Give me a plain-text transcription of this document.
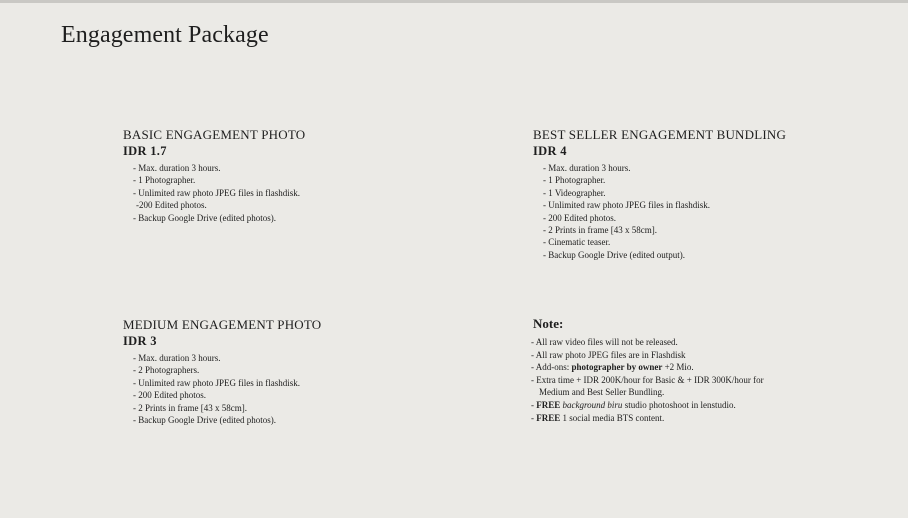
Engagement Package
BASIC ENGAGEMENT PHOTO
IDR 1.7
- Max. duration 3 hours.
- 1 Photographer.
- Unlimited raw photo JPEG files in flashdisk.
-200 Edited photos.
- Backup Google Drive (edited photos).
BEST SELLER ENGAGEMENT BUNDLING
IDR 4
- Max. duration 3 hours.
- 1 Photographer.
- 1 Videographer.
- Unlimited raw photo JPEG files in flashdisk.
- 200 Edited photos.
- 2 Prints in frame [43 x 58cm].
- Cinematic teaser.
- Backup Google Drive (edited output).
MEDIUM ENGAGEMENT PHOTO
IDR 3
- Max. duration 3 hours.
- 2 Photographers.
- Unlimited raw photo JPEG files in flashdisk.
- 200 Edited photos.
- 2 Prints in frame [43 x 58cm].
- Backup Google Drive (edited photos).
Note:
- All raw video files will not be released.
- All raw photo JPEG files are in Flashdisk
- Add-ons: photographer by owner +2 Mio.
- Extra time + IDR 200K/hour for Basic & + IDR 300K/hour for
Medium and Best Seller Bundling.
- FREE background biru studio photoshoot in lenstudio.
- FREE 1 social media BTS content.
